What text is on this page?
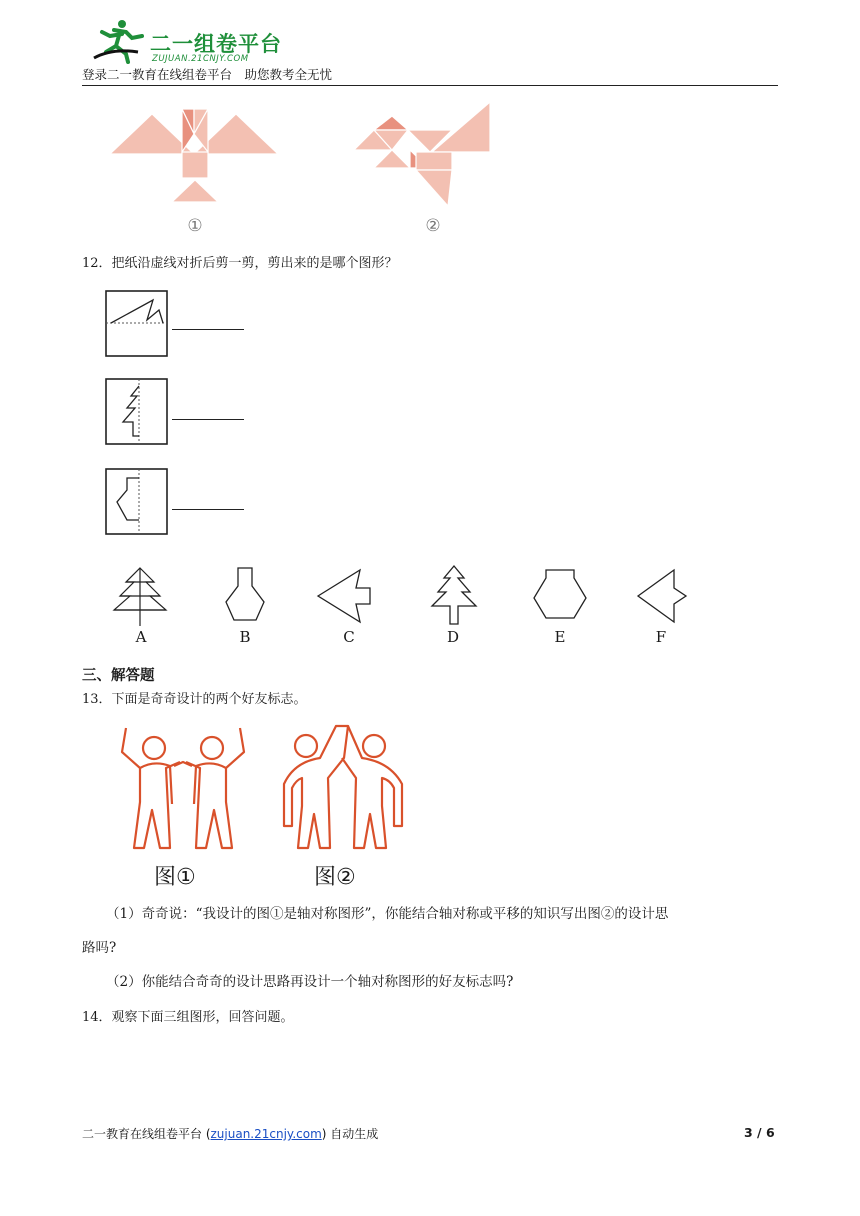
二一组卷平台
ZUJUAN.21CNJY.COM
登录二一教育在线组卷平台　助您教考全无忧
①	②
12．把纸沿虚线对折后剪一剪，剪出来的是哪个图形？
A	B	C	D	E	F
三、解答题
13．下面是奇奇设计的两个好友标志。
图①	图②
（1）奇奇说：“我设计的图①是轴对称图形”，你能结合轴对称或平移的知识写出图②的设计思
路吗?
（2）你能结合奇奇的设计思路再设计一个轴对称图形的好友标志吗?
14．观察下面三组图形，回答问题。
二一教育在线组卷平台 (zujuan.21cnjy.com) 自动生成	3 / 6
